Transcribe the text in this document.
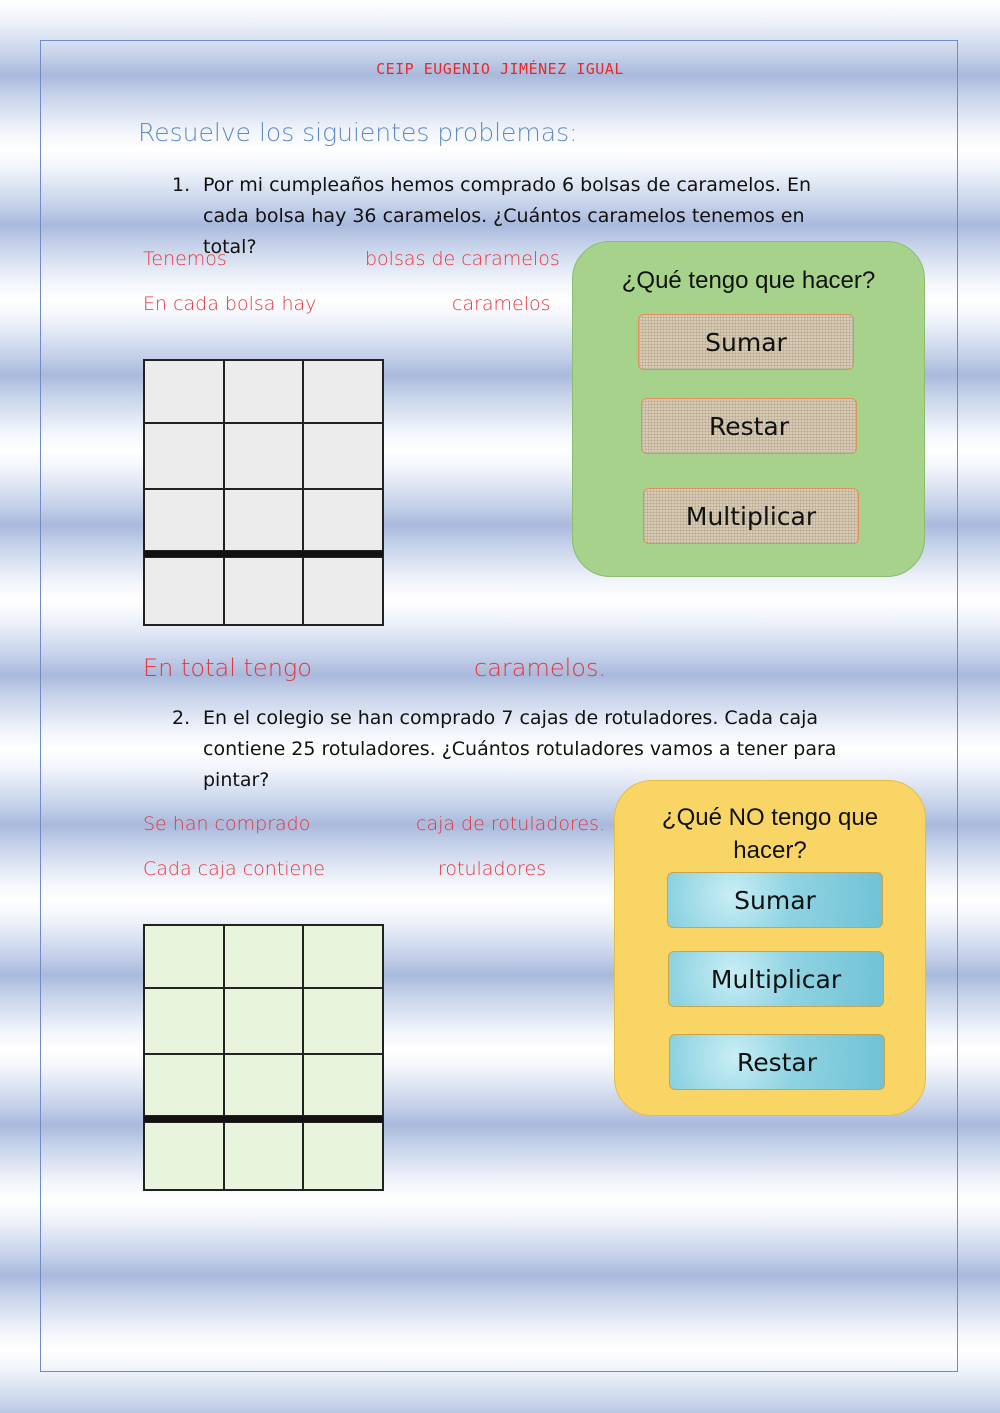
CEIP EUGENIO JIMÉNEZ IGUAL
Resuelve los siguientes problemas:
1. Por mi cumpleaños hemos comprado 6 bolsas de caramelos. En cada bolsa hay 36 caramelos. ¿Cuántos caramelos tenemos en total?
Tenemos	bolsas de caramelos
En cada bolsa hay	caramelos
¿Qué tengo que hacer?
Sumar
Restar
Multiplicar
En total tengo	caramelos.
2. En el colegio se han comprado 7 cajas de rotuladores. Cada caja contiene 25 rotuladores. ¿Cuántos rotuladores vamos a tener para pintar?
Se han comprado	caja de rotuladores.
Cada caja contiene	rotuladores
¿Qué NO tengo que hacer?
Sumar
Multiplicar
Restar
